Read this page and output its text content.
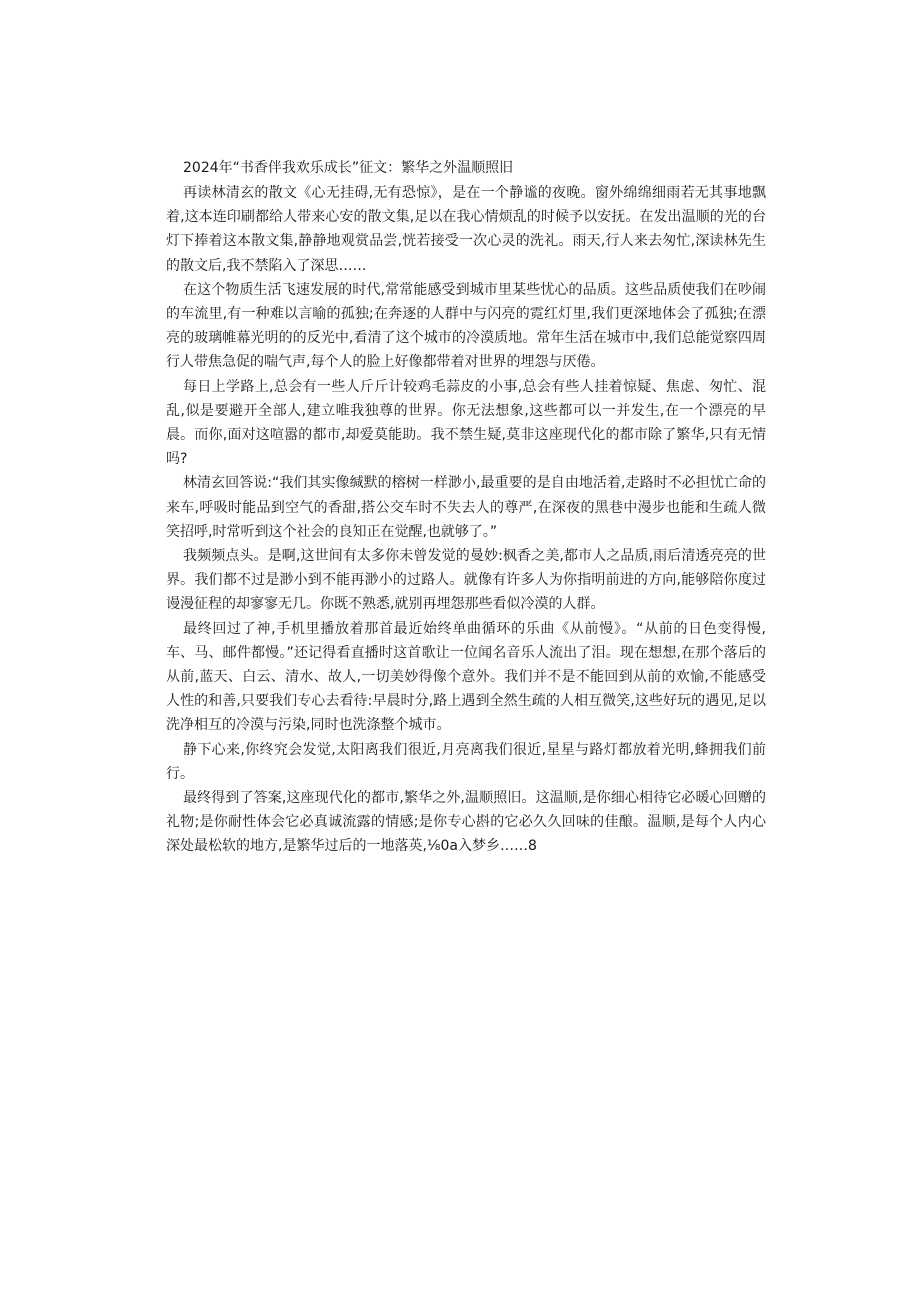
2024年“书香伴我欢乐成长”征文：繁华之外温顺照旧

再读林清玄的散文《心无挂碍,无有恐惊》，是在一个静谧的夜晚。窗外绵绵细雨若无其事地飘着,这本连印刷都给人带来心安的散文集,足以在我心情烦乱的时候予以安抚。在发出温顺的光的台灯下捧着这本散文集,静静地观赏品尝,恍若接受一次心灵的洗礼。雨天,行人来去匆忙,深读林先生的散文后,我不禁陷入了深思……

在这个物质生活飞速发展的时代,常常能感受到城市里某些忧心的品质。这些品质使我们在吵闹的车流里,有一种难以言喻的孤独;在奔逐的人群中与闪亮的霓红灯里,我们更深地体会了孤独;在漂亮的玻璃帷幕光明的的反光中,看清了这个城市的冷漠质地。常年生活在城市中,我们总能觉察四周行人带焦急促的喘气声,每个人的脸上好像都带着对世界的埋怨与厌倦。

每日上学路上,总会有一些人斤斤计较鸡毛蒜皮的小事,总会有些人挂着惊疑、焦虑、匆忙、混乱,似是要避开全部人,建立唯我独尊的世界。你无法想象,这些都可以一并发生,在一个漂亮的早晨。而你,面对这喧嚣的都市,却爱莫能助。我不禁生疑,莫非这座现代化的都市除了繁华,只有无情吗?

林清玄回答说:“我们其实像缄默的榕树一样渺小,最重要的是自由地活着,走路时不必担忧亡命的来车,呼吸时能品到空气的香甜,搭公交车时不失去人的尊严,在深夜的黑巷中漫步也能和生疏人微笑招呼,时常听到这个社会的良知正在觉醒,也就够了。”

我频频点头。是啊,这世间有太多你未曾发觉的曼妙:枫香之美,都市人之品质,雨后清透亮亮的世界。我们都不过是渺小到不能再渺小的过路人。就像有许多人为你指明前进的方向,能够陪你度过谩漫征程的却寥寥无几。你既不熟悉,就别再埋怨那些看似冷漠的人群。

最终回过了神,手机里播放着那首最近始终单曲循环的乐曲《从前慢》。“从前的日色变得慢,车、马、邮件都慢。”还记得看直播时这首歌让一位闻名音乐人流出了泪。现在想想,在那个落后的从前,蓝天、白云、清水、故人,一切美妙得像个意外。我们并不是不能回到从前的欢愉,不能感受人性的和善,只要我们专心去看待:早晨时分,路上遇到全然生疏的人相互微笑,这些好玩的遇见,足以洗净相互的冷漠与污染,同时也洗涤整个城市。

静下心来,你终究会发觉,太阳离我们很近,月亮离我们很近,星星与路灯都放着光明,蜂拥我们前行。

最终得到了答案,这座现代化的都市,繁华之外,温顺照旧。这温顺,是你细心相待它必暖心回赠的礼物;是你耐性体会它必真诚流露的情感;是你专心斟的它必久久回味的佳酿。温顺,是每个人内心深处最松软的地方,是繁华过后的一地落英,⅛0a入梦乡……8
